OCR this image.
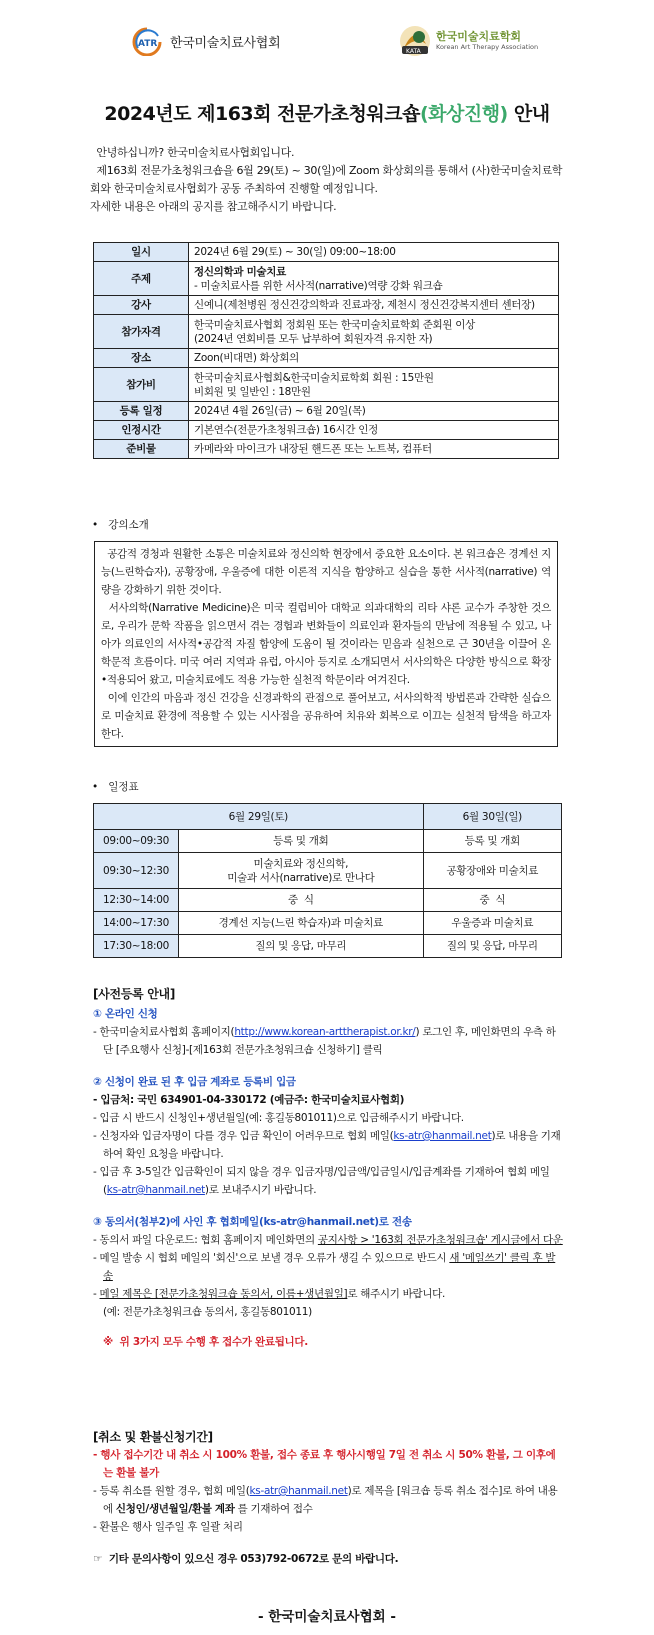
ATR 한국미술치료사협회
KATA
한국미술치료학회
Korean Art Therapy Association
2024년도 제163회 전문가초청워크숍(화상진행) 안내

안녕하십니까? 한국미술치료사협회입니다.

제163회 전문가초청워크숍을 6월 29(토) ~ 30(일)에 Zoom 화상회의를 통해서 (사)한국미술치료학회와 한국미술치료사협회가 공동 주최하여 진행할 예정입니다.

자세한 내용은 아래의 공지를 참고해주시기 바랍니다.

일시	2024년 6월 29(토) ~ 30(일) 09:00~18:00
주제	정신의학과 미술치료
- 미술치료사를 위한 서사적(narrative)역량 강화 워크숍

강사	신예니(제천병원 정신건강의학과 진료과장, 제천시 정신건강복지센터 센터장)
참가자격	한국미술치료사협회 정회원 또는 한국미술치료학회 준회원 이상
(2024년 연회비를 모두 납부하여 회원자격 유지한 자)

장소	Zoon(비대면) 화상회의
참가비	한국미술치료사협회&한국미술치료학회 회원 : 15만원
비회원 및 일반인 : 18만원

등록 일정	2024년 4월 26일(금) ~ 6월 20일(목)
인정시간	기본연수(전문가초청워크숍) 16시간 인정
준비물	카메라와 마이크가 내장된 핸드폰 또는 노트북, 컴퓨터
• 강의소개

공감적 경청과 원활한 소통은 미술치료와 정신의학 현장에서 중요한 요소이다. 본 워크숍은 경계선 지능(느린학습자), 공황장애, 우울증에 대한 이론적 지식을 함양하고 실습을 통한 서사적(narrative) 역량을 강화하기 위한 것이다.

서사의학(Narrative Medicine)은 미국 컬럼비아 대학교 의과대학의 리타 샤론 교수가 주창한 것으로, 우리가 문학 작품을 읽으면서 겪는 경험과 변화들이 의료인과 환자들의 만남에 적용될 수 있고, 나아가 의료인의 서사적•공감적 자질 함양에 도움이 될 것이라는 믿음과 실천으로 근 30년을 이끌어 온 학문적 흐름이다. 미국 여러 지역과 유럽, 아시아 등지로 소개되면서 서사의학은 다양한 방식으로 확장•적용되어 왔고, 미술치료에도 적용 가능한 실천적 학문이라 여겨진다.

이에 인간의 마음과 정신 건강을 신경과학의 관점으로 풀어보고, 서사의학적 방법론과 간략한 실습으로 미술치료 환경에 적용할 수 있는 시사점을 공유하여 치유와 회복으로 이끄는 실천적 탐색을 하고자 한다.

• 일정표
6월 29일(토)		6월 30일(일)
09:00~09:30	등록 및 개회	등록 및 개회
09:30~12:30	미술치료와 정신의학,
미술과 서사(narrative)로 만나다	공황장애와 미술치료
12:30~14:00	중  식	중  식
14:00~17:30	경계선 지능(느린 학습자)과 미술치료	우울증과 미술치료
17:30~18:00	질의 및 응답, 마무리	질의 및 응답, 마무리
[사전등록 안내]
① 온라인 신청
- 한국미술치료사협회 홈페이지(http://www.korean-arttherapist.or.kr/) 로그인 후, 메인화면의 우측 하단 [주요행사 신청]-[제163회 전문가초청워크숍 신청하기] 클릭
② 신청이 완료 된 후 입금 계좌로 등록비 입금
- 입금처: 국민 634901-04-330172 (예금주: 한국미술치료사협회)
- 입금 시 반드시 신청인+생년월일(예: 홍길동801011)으로 입금해주시기 바랍니다.
- 신청자와 입금자명이 다를 경우 입금 확인이 어려우므로 협회 메일(ks-atr@hanmail.net)로 내용을 기재하여 확인 요청을 바랍니다.
- 입금 후 3-5일간 입금확인이 되지 않을 경우 입금자명/입금액/입금일시/입금계좌를 기재하여 협회 메일(ks-atr@hanmail.net)로 보내주시기 바랍니다.
③ 동의서(첨부2)에 사인 후 협회메일(ks-atr@hanmail.net)로 전송
- 동의서 파일 다운로드: 협회 홈페이지 메인화면의 공지사항 > '163회 전문가초청워크숍' 게시글에서 다운
- 메일 발송 시 협회 메일의 '회신'으로 보낼 경우 오류가 생길 수 있으므로 반드시 새 '메일쓰기' 클릭 후 발송
- 메일 제목은 [전문가초청워크숍 동의서, 이름+생년월일]로 해주시기 바랍니다.
(예: 전문가초청워크숍 동의서, 홍길동801011)
※  위 3가지 모두 수행 후 접수가 완료됩니다.
[취소 및 환불신청기간]
- 행사 접수기간 내 취소 시 100% 환불, 접수 종료 후 행사시행일 7일 전 취소 시 50% 환불, 그 이후에는 환불 불가
- 등록 취소를 원할 경우, 협회 메일(ks-atr@hanmail.net)로 제목을 [워크숍 등록 취소 접수]로 하여 내용에 신청인/생년월일/환불 계좌 를 기재하여 접수
- 환불은 행사 일주일 후 일괄 처리
☞  기타 문의사항이 있으신 경우 053)792-0672로 문의 바랍니다.
- 한국미술치료사협회 -
